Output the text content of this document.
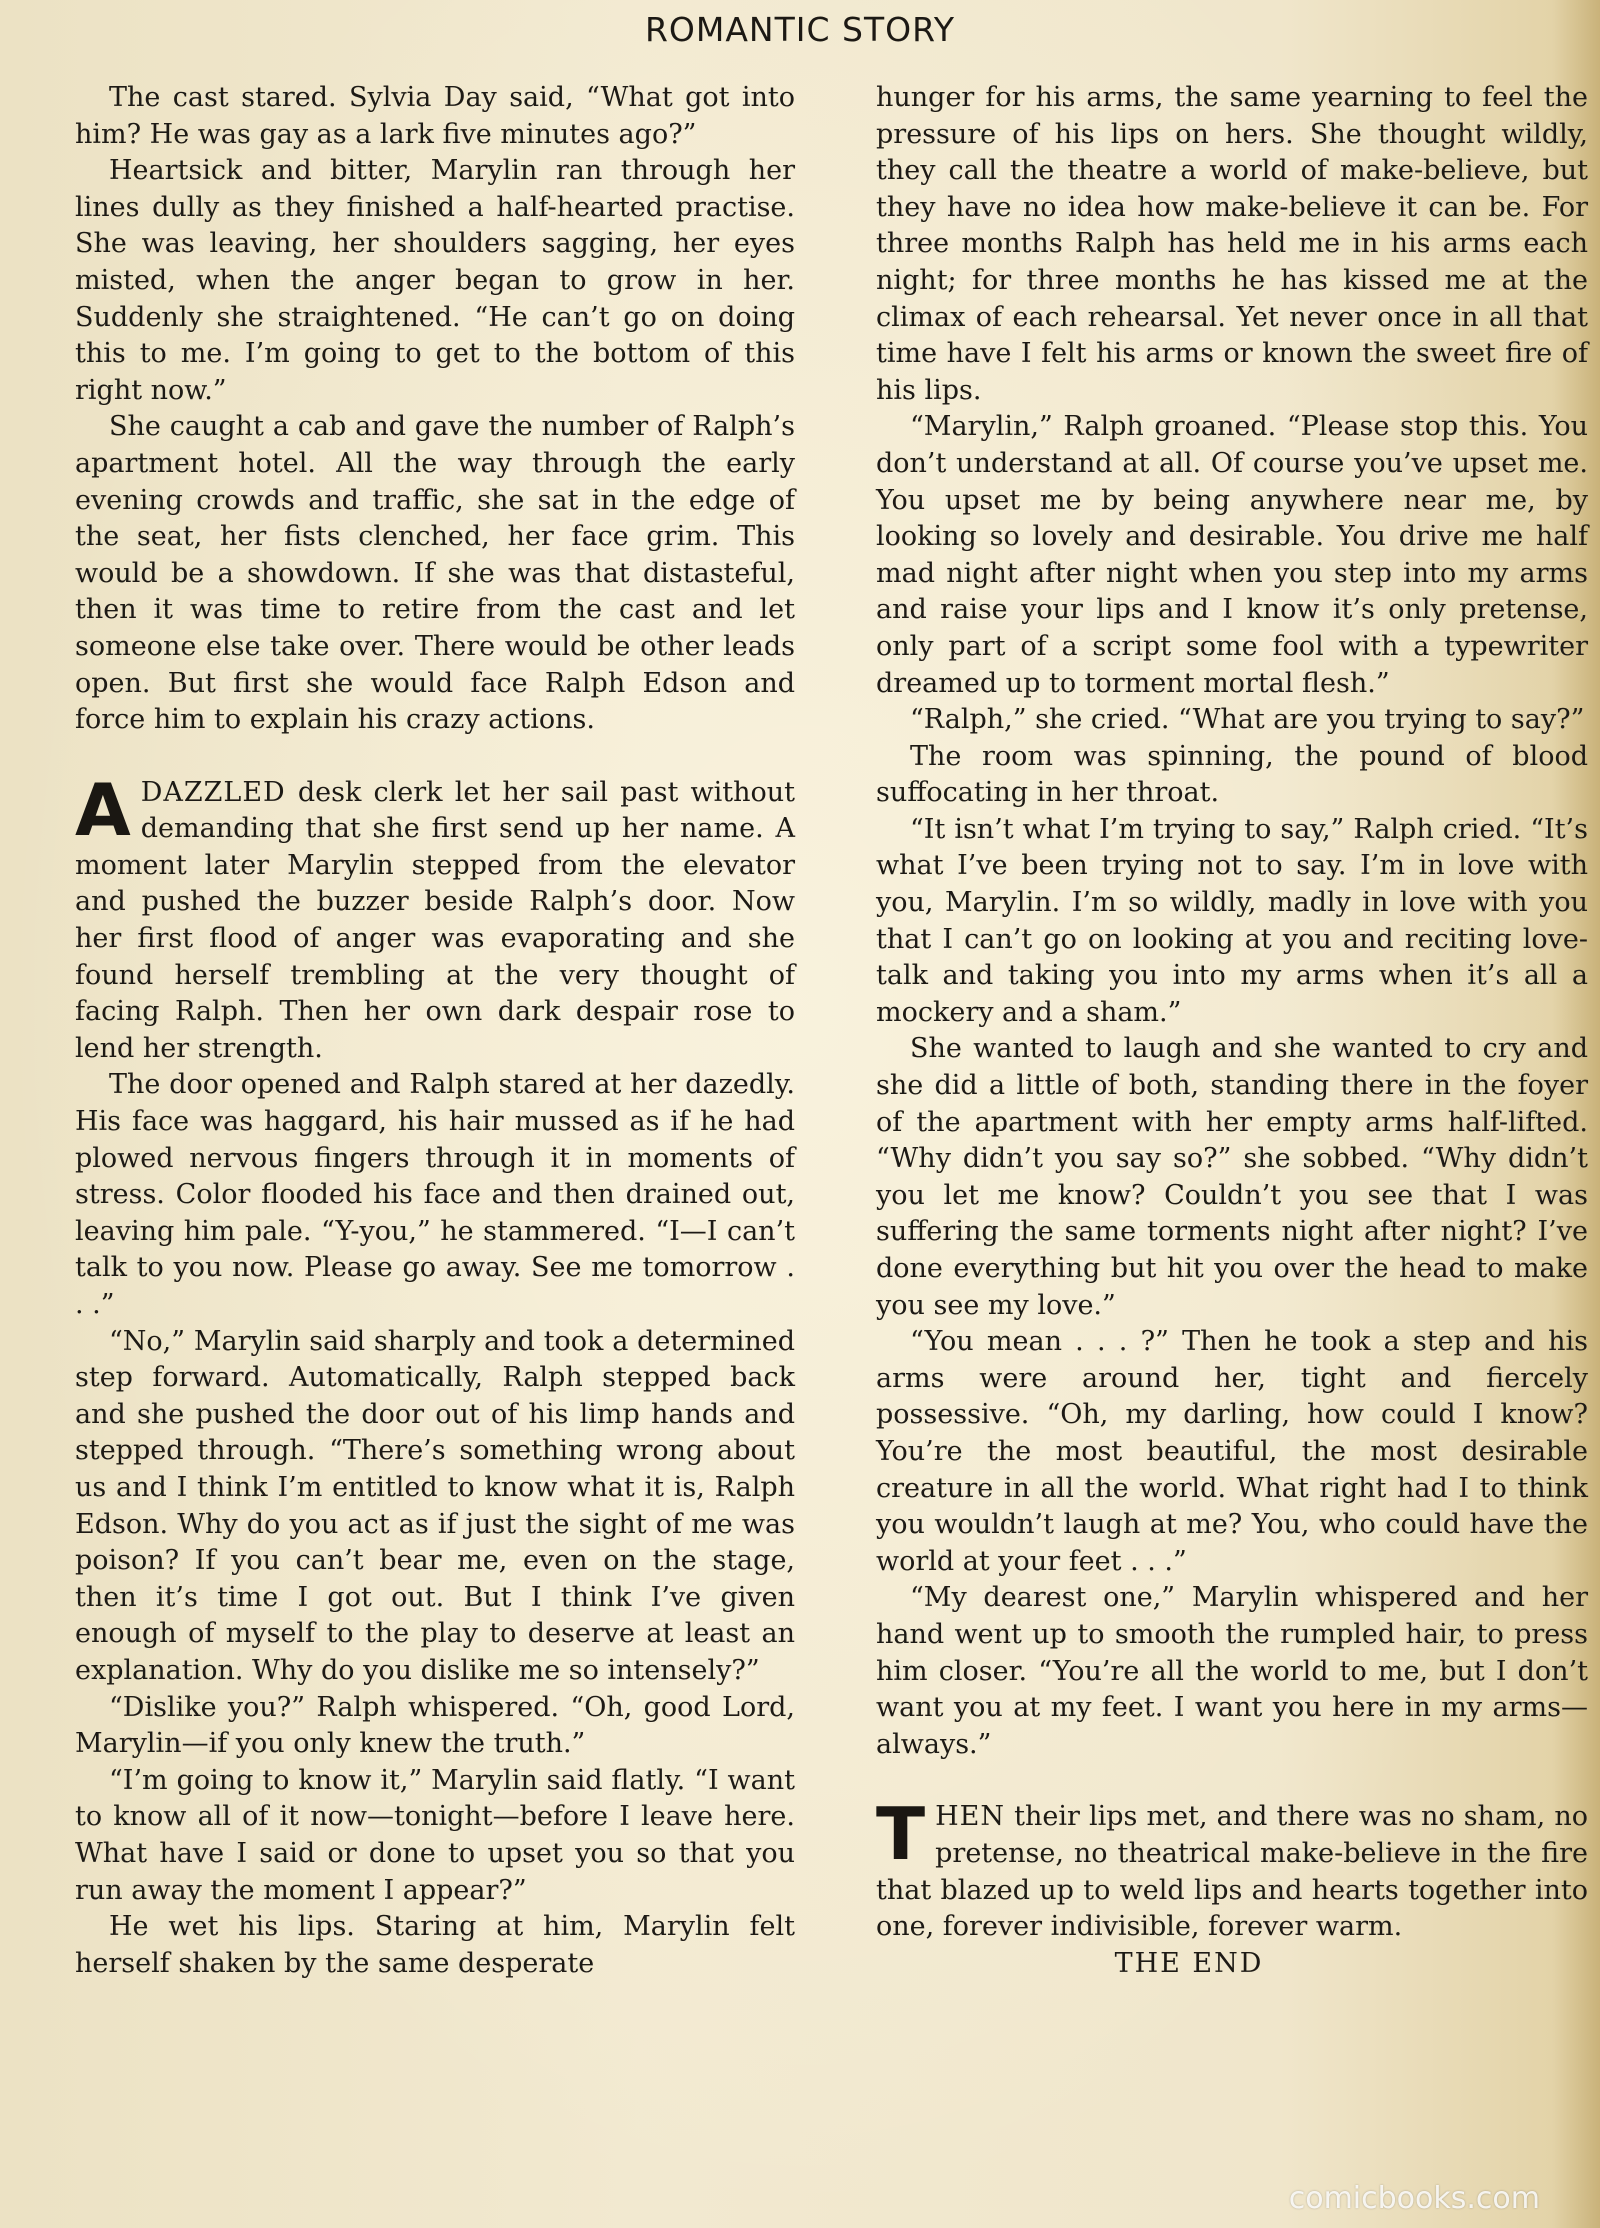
ROMANTIC STORY

The cast stared. Sylvia Day said, “What got into him? He was gay as a lark five minutes ago?”

Heartsick and bitter, Marylin ran through her lines dully as they finished a half-hearted practise. She was leaving, her shoulders sagging, her eyes misted, when the anger began to grow in her. Suddenly she straightened. “He can’t go on doing this to me. I’m going to get to the bottom of this right now.”

She caught a cab and gave the number of Ralph’s apartment hotel. All the way through the early evening crowds and traffic, she sat in the edge of the seat, her fists clenched, her face grim. This would be a showdown. If she was that distasteful, then it was time to retire from the cast and let someone else take over. There would be other leads open. But first she would face Ralph Edson and force him to explain his crazy actions.

ADAZZLED desk clerk let her sail past without demanding that she first send up her name. A moment later Marylin stepped from the elevator and pushed the buzzer beside Ralph’s door. Now her first flood of anger was evaporating and she found herself trembling at the very thought of facing Ralph. Then her own dark despair rose to lend her strength.

The door opened and Ralph stared at her dazedly. His face was haggard, his hair mussed as if he had plowed nervous fingers through it in moments of stress. Color flooded his face and then drained out, leaving him pale. “Y-you,” he stammered. “I—I can’t talk to you now. Please go away. See me tomorrow . . .”

“No,” Marylin said sharply and took a determined step forward. Automatically, Ralph stepped back and she pushed the door out of his limp hands and stepped through. “There’s something wrong about us and I think I’m entitled to know what it is, Ralph Edson. Why do you act as if just the sight of me was poison? If you can’t bear me, even on the stage, then it’s time I got out. But I think I’ve given enough of myself to the play to deserve at least an explanation. Why do you dislike me so intensely?”

“Dislike you?” Ralph whispered. “Oh, good Lord, Marylin—if you only knew the truth.”

“I’m going to know it,” Marylin said flatly. “I want to know all of it now—tonight—before I leave here. What have I said or done to upset you so that you run away the moment I appear?”

He wet his lips. Staring at him, Marylin felt herself shaken by the same desperate

hunger for his arms, the same yearning to feel the pressure of his lips on hers. She thought wildly, they call the theatre a world of make-believe, but they have no idea how make-believe it can be. For three months Ralph has held me in his arms each night; for three months he has kissed me at the climax of each rehearsal. Yet never once in all that time have I felt his arms or known the sweet fire of his lips.

“Marylin,” Ralph groaned. “Please stop this. You don’t understand at all. Of course you’ve upset me. You upset me by being anywhere near me, by looking so lovely and desirable. You drive me half mad night after night when you step into my arms and raise your lips and I know it’s only pretense, only part of a script some fool with a typewriter dreamed up to torment mortal flesh.”

“Ralph,” she cried. “What are you trying to say?”

The room was spinning, the pound of blood suffocating in her throat.

“It isn’t what I’m trying to say,” Ralph cried. “It’s what I’ve been trying not to say. I’m in love with you, Marylin. I’m so wildly, madly in love with you that I can’t go on looking at you and reciting love-talk and taking you into my arms when it’s all a mockery and a sham.”

She wanted to laugh and she wanted to cry and she did a little of both, standing there in the foyer of the apartment with her empty arms half-lifted. “Why didn’t you say so?” she sobbed. “Why didn’t you let me know? Couldn’t you see that I was suffering the same torments night after night? I’ve done everything but hit you over the head to make you see my love.”

“You mean . . . ?” Then he took a step and his arms were around her, tight and fiercely possessive. “Oh, my darling, how could I know? You’re the most beautiful, the most desirable creature in all the world. What right had I to think you wouldn’t laugh at me? You, who could have the world at your feet . . .”

“My dearest one,” Marylin whispered and her hand went up to smooth the rumpled hair, to press him closer. “You’re all the world to me, but I don’t want you at my feet. I want you here in my arms—always.”

THEN their lips met, and there was no sham, no pretense, no theatrical make-believe in the fire that blazed up to weld lips and hearts together into one, forever indivisible, forever warm.

THE END

comicbooks.com
